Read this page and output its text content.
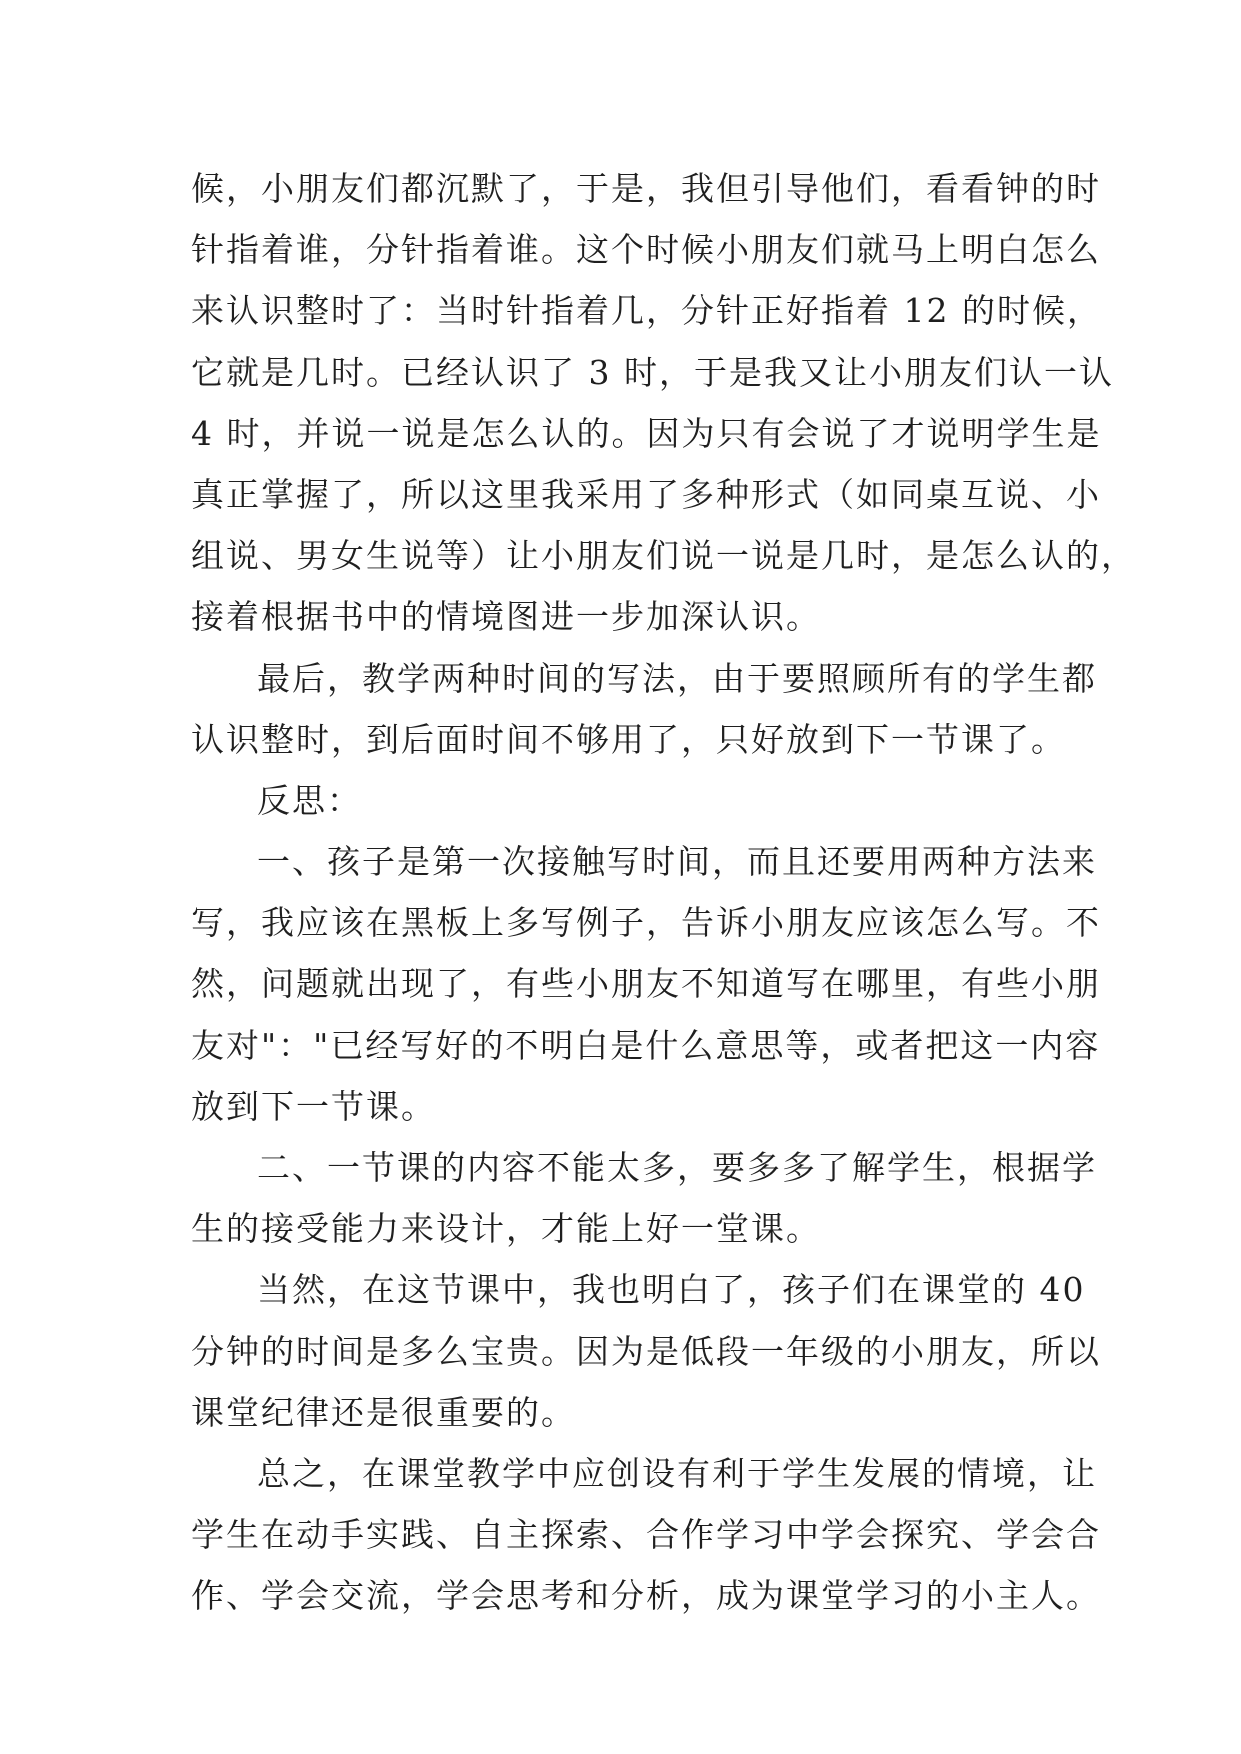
候，小朋友们都沉默了，于是，我但引导他们，看看钟的时
针指着谁，分针指着谁。这个时候小朋友们就马上明白怎么
来认识整时了：当时针指着几，分针正好指着 12 的时候，
它就是几时。已经认识了 3 时，于是我又让小朋友们认一认
4 时，并说一说是怎么认的。因为只有会说了才说明学生是
真正掌握了，所以这里我采用了多种形式（如同桌互说、小
组说、男女生说等）让小朋友们说一说是几时，是怎么认的，
接着根据书中的情境图进一步加深认识。
最后，教学两种时间的写法，由于要照顾所有的学生都
认识整时，到后面时间不够用了，只好放到下一节课了。
反思：
一、孩子是第一次接触写时间，而且还要用两种方法来
写，我应该在黑板上多写例子，告诉小朋友应该怎么写。不
然，问题就出现了，有些小朋友不知道写在哪里，有些小朋
友对"："已经写好的不明白是什么意思等，或者把这一内容
放到下一节课。
二、一节课的内容不能太多，要多多了解学生，根据学
生的接受能力来设计，才能上好一堂课。
当然，在这节课中，我也明白了，孩子们在课堂的 40
分钟的时间是多么宝贵。因为是低段一年级的小朋友，所以
课堂纪律还是很重要的。
总之，在课堂教学中应创设有利于学生发展的情境，让
学生在动手实践、自主探索、合作学习中学会探究、学会合
作、学会交流，学会思考和分析，成为课堂学习的小主人。
